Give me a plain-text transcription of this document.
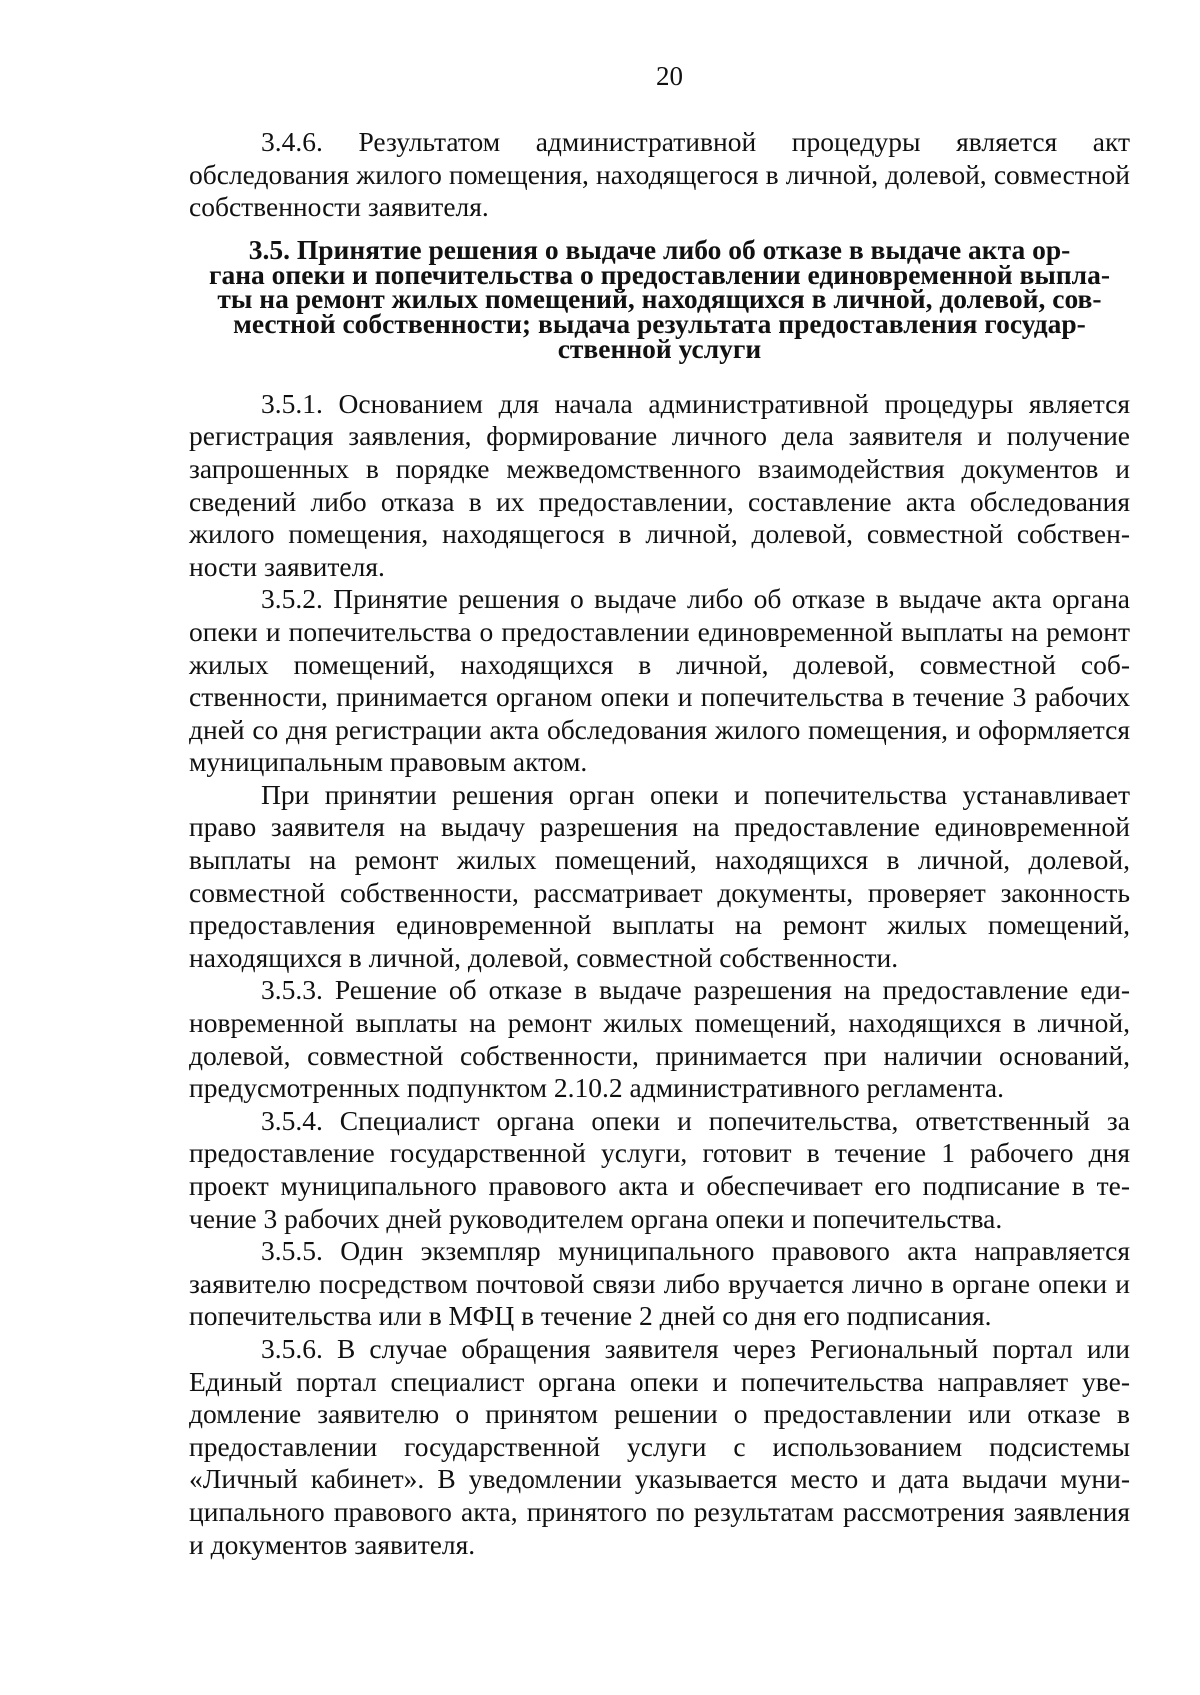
20

3.4.6. Результатом административной процедуры является акт обследования жилого помещения, находящегося в личной, долевой, совместной собственности заявителя.

3.5. Принятие решения о выдаче либо об отказе в выдаче акта ор-
гана опеки и попечительства о предоставлении единовременной выпла-
ты на ремонт жилых помещений, находящихся в личной, долевой, сов-
местной собственности; выдача результата предоставления государ-
ственной услуги

3.5.1. Основанием для начала административной процедуры является регистрация заявления, формирование личного дела заявителя и получение запрошенных в порядке межведомственного взаимодействия документов и сведений либо отказа в их предоставлении, составление акта обследования жилого помещения, находящегося в личной, долевой, совместной собственности заявителя.

3.5.2. Принятие решения о выдаче либо об отказе в выдаче акта органа опеки и попечительства о предоставлении единовременной выплаты на ремонт жилых помещений, находящихся в личной, долевой, совместной собственности, принимается органом опеки и попечительства в течение 3 рабочих дней со дня регистрации акта обследования жилого помещения, и оформляется муниципальным правовым актом.

При принятии решения орган опеки и попечительства устанавливает право заявителя на выдачу разрешения на предоставление единовременной выплаты на ремонт жилых помещений, находящихся в личной, долевой, совместной собственности, рассматривает документы, проверяет законность предоставления единовременной выплаты на ремонт жилых помещений, находящихся в личной, долевой, совместной собственности.

3.5.3. Решение об отказе в выдаче разрешения на предоставление единовременной выплаты на ремонт жилых помещений, находящихся в личной, долевой, совместной собственности, принимается при наличии оснований, предусмотренных подпунктом 2.10.2 административного регламента.

3.5.4. Специалист органа опеки и попечительства, ответственный за предоставление государственной услуги, готовит в течение 1 рабочего дня проект муниципального правового акта и обеспечивает его подписание в течение 3 рабочих дней руководителем органа опеки и попечительства.

3.5.5. Один экземпляр муниципального правового акта направляется заявителю посредством почтовой связи либо вручается лично в органе опеки и попечительства или в МФЦ в течение 2 дней со дня его подписания.

3.5.6. В случае обращения заявителя через Региональный портал или Единый портал специалист органа опеки и попечительства направляет уведомление заявителю о принятом решении о предоставлении или отказе в предоставлении государственной услуги с использованием подсистемы «Личный кабинет». В уведомлении указывается место и дата выдачи муниципального правового акта, принятого по результатам рассмотрения заявления и документов заявителя.
